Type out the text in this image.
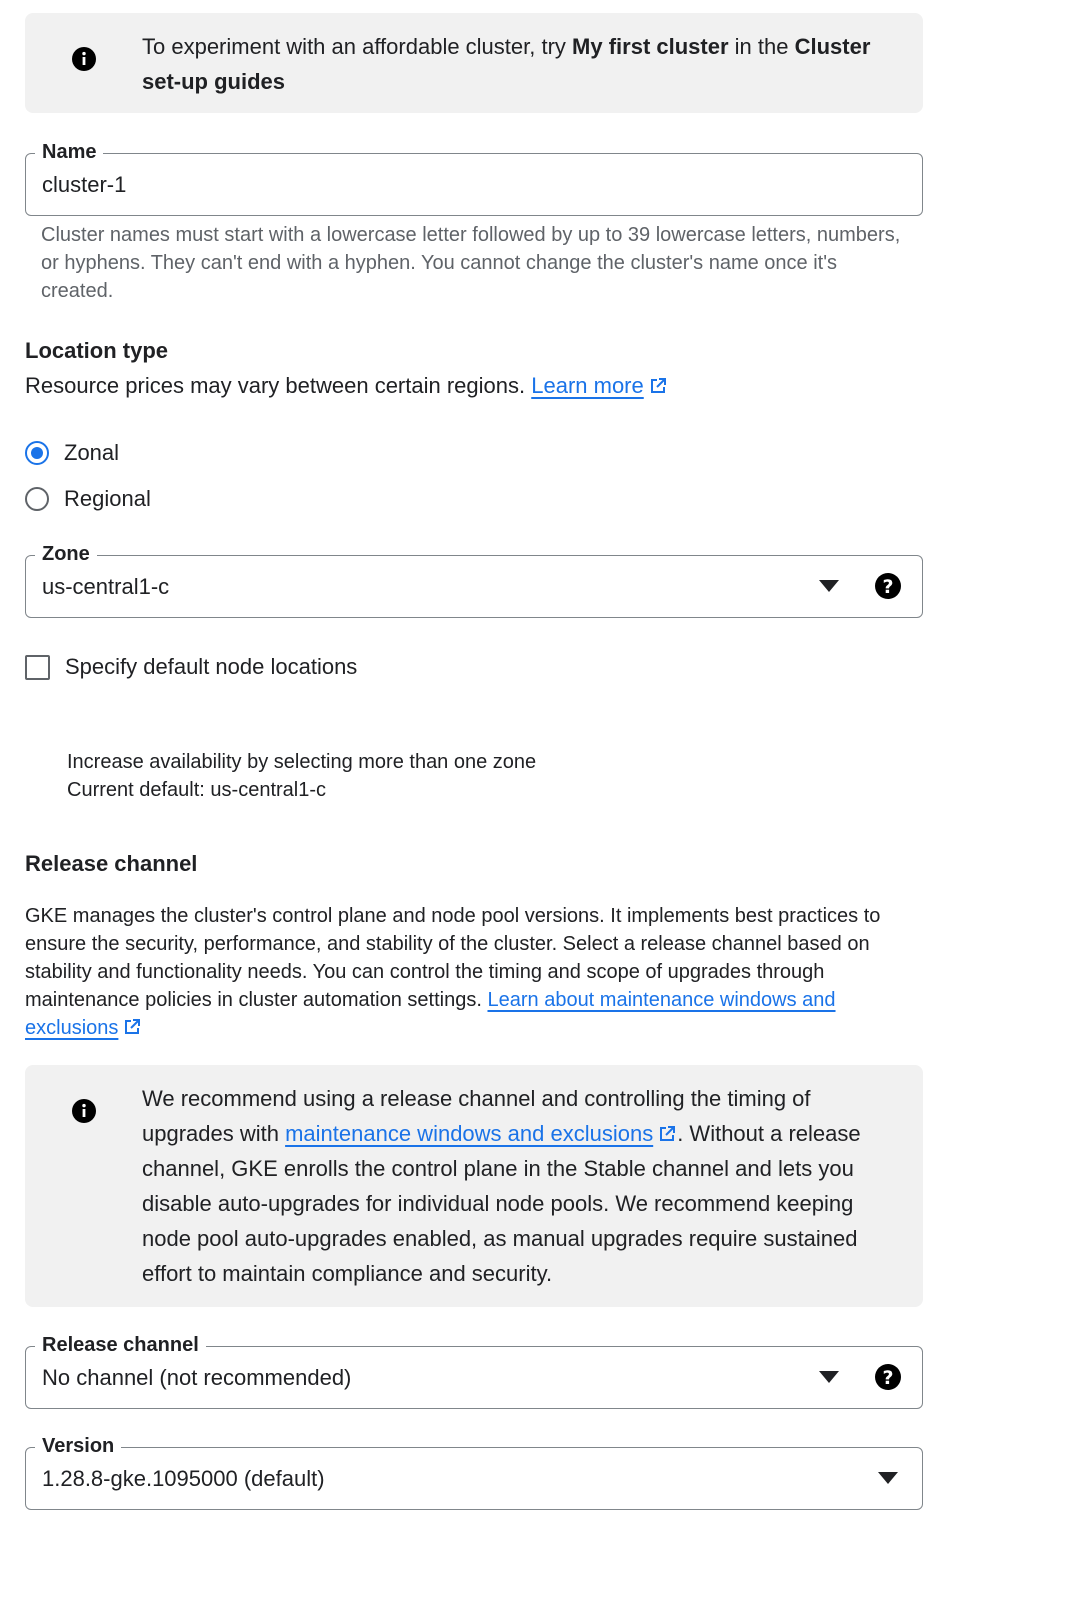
To experiment with an affordable cluster, try My first cluster in the Cluster set-up guides
Name
cluster-1
Cluster names must start with a lowercase letter followed by up to 39 lowercase letters, numbers, or hyphens. They can't end with a hyphen. You cannot change the cluster's name once it's created.
Location type
Resource prices may vary between certain regions. Learn more
Zonal
Regional
Zone
us-central1-c	?
Specify default node locations
Increase availability by selecting more than one zone
Current default: us-central1-c
Release channel
GKE manages the cluster's control plane and node pool versions. It implements best practices to ensure the security, performance, and stability of the cluster. Select a release channel based on stability and functionality needs. You can control the timing and scope of upgrades through maintenance policies in cluster automation settings. Learn about maintenance windows and exclusions
We recommend using a release channel and controlling the timing of upgrades with maintenance windows and exclusions . Without a release channel, GKE enrolls the control plane in the Stable channel and lets you disable auto-upgrades for individual node pools. We recommend keeping node pool auto-upgrades enabled, as manual upgrades require sustained effort to maintain compliance and security.
Release channel
No channel (not recommended)	?
Version
1.28.8-gke.1095000 (default)
